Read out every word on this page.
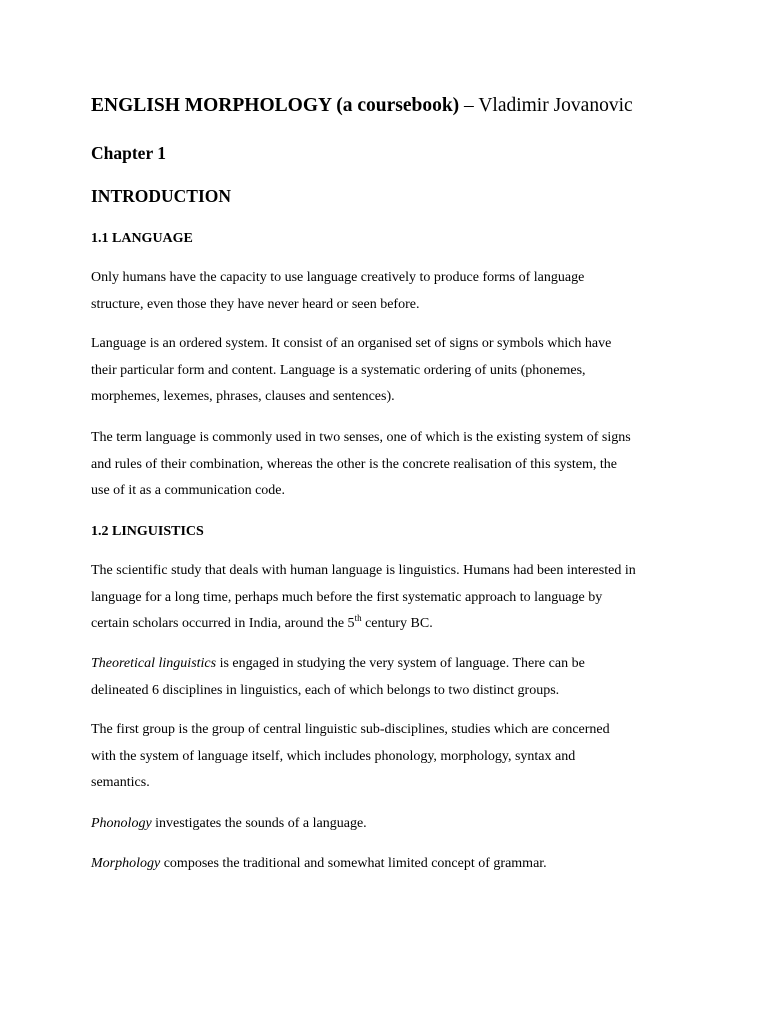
ENGLISH MORPHOLOGY (a coursebook) – Vladimir Jovanovic
Chapter 1
INTRODUCTION
1.1 LANGUAGE

Only humans have the capacity to use language creatively to produce forms of language
structure, even those they have never heard or seen before.

Language is an ordered system. It consist of an organised set of signs or symbols which have
their particular form and content. Language is a systematic ordering of units (phonemes,
morphemes, lexemes, phrases, clauses and sentences).

The term language is commonly used in two senses, one of which is the existing system of signs
and rules of their combination, whereas the other is the concrete realisation of this system, the
use of it as a communication code.

1.2 LINGUISTICS

The scientific study that deals with human language is linguistics. Humans had been interested in
language for a long time, perhaps much before the first systematic approach to language by
certain scholars occurred in India, around the 5th century BC.

Theoretical linguistics is engaged in studying the very system of language. There can be
delineated 6 disciplines in linguistics, each of which belongs to two distinct groups.

The first group is the group of central linguistic sub-disciplines, studies which are concerned
with the system of language itself, which includes phonology, morphology, syntax and
semantics.

Phonology investigates the sounds of a language.

Morphology composes the traditional and somewhat limited concept of grammar.
